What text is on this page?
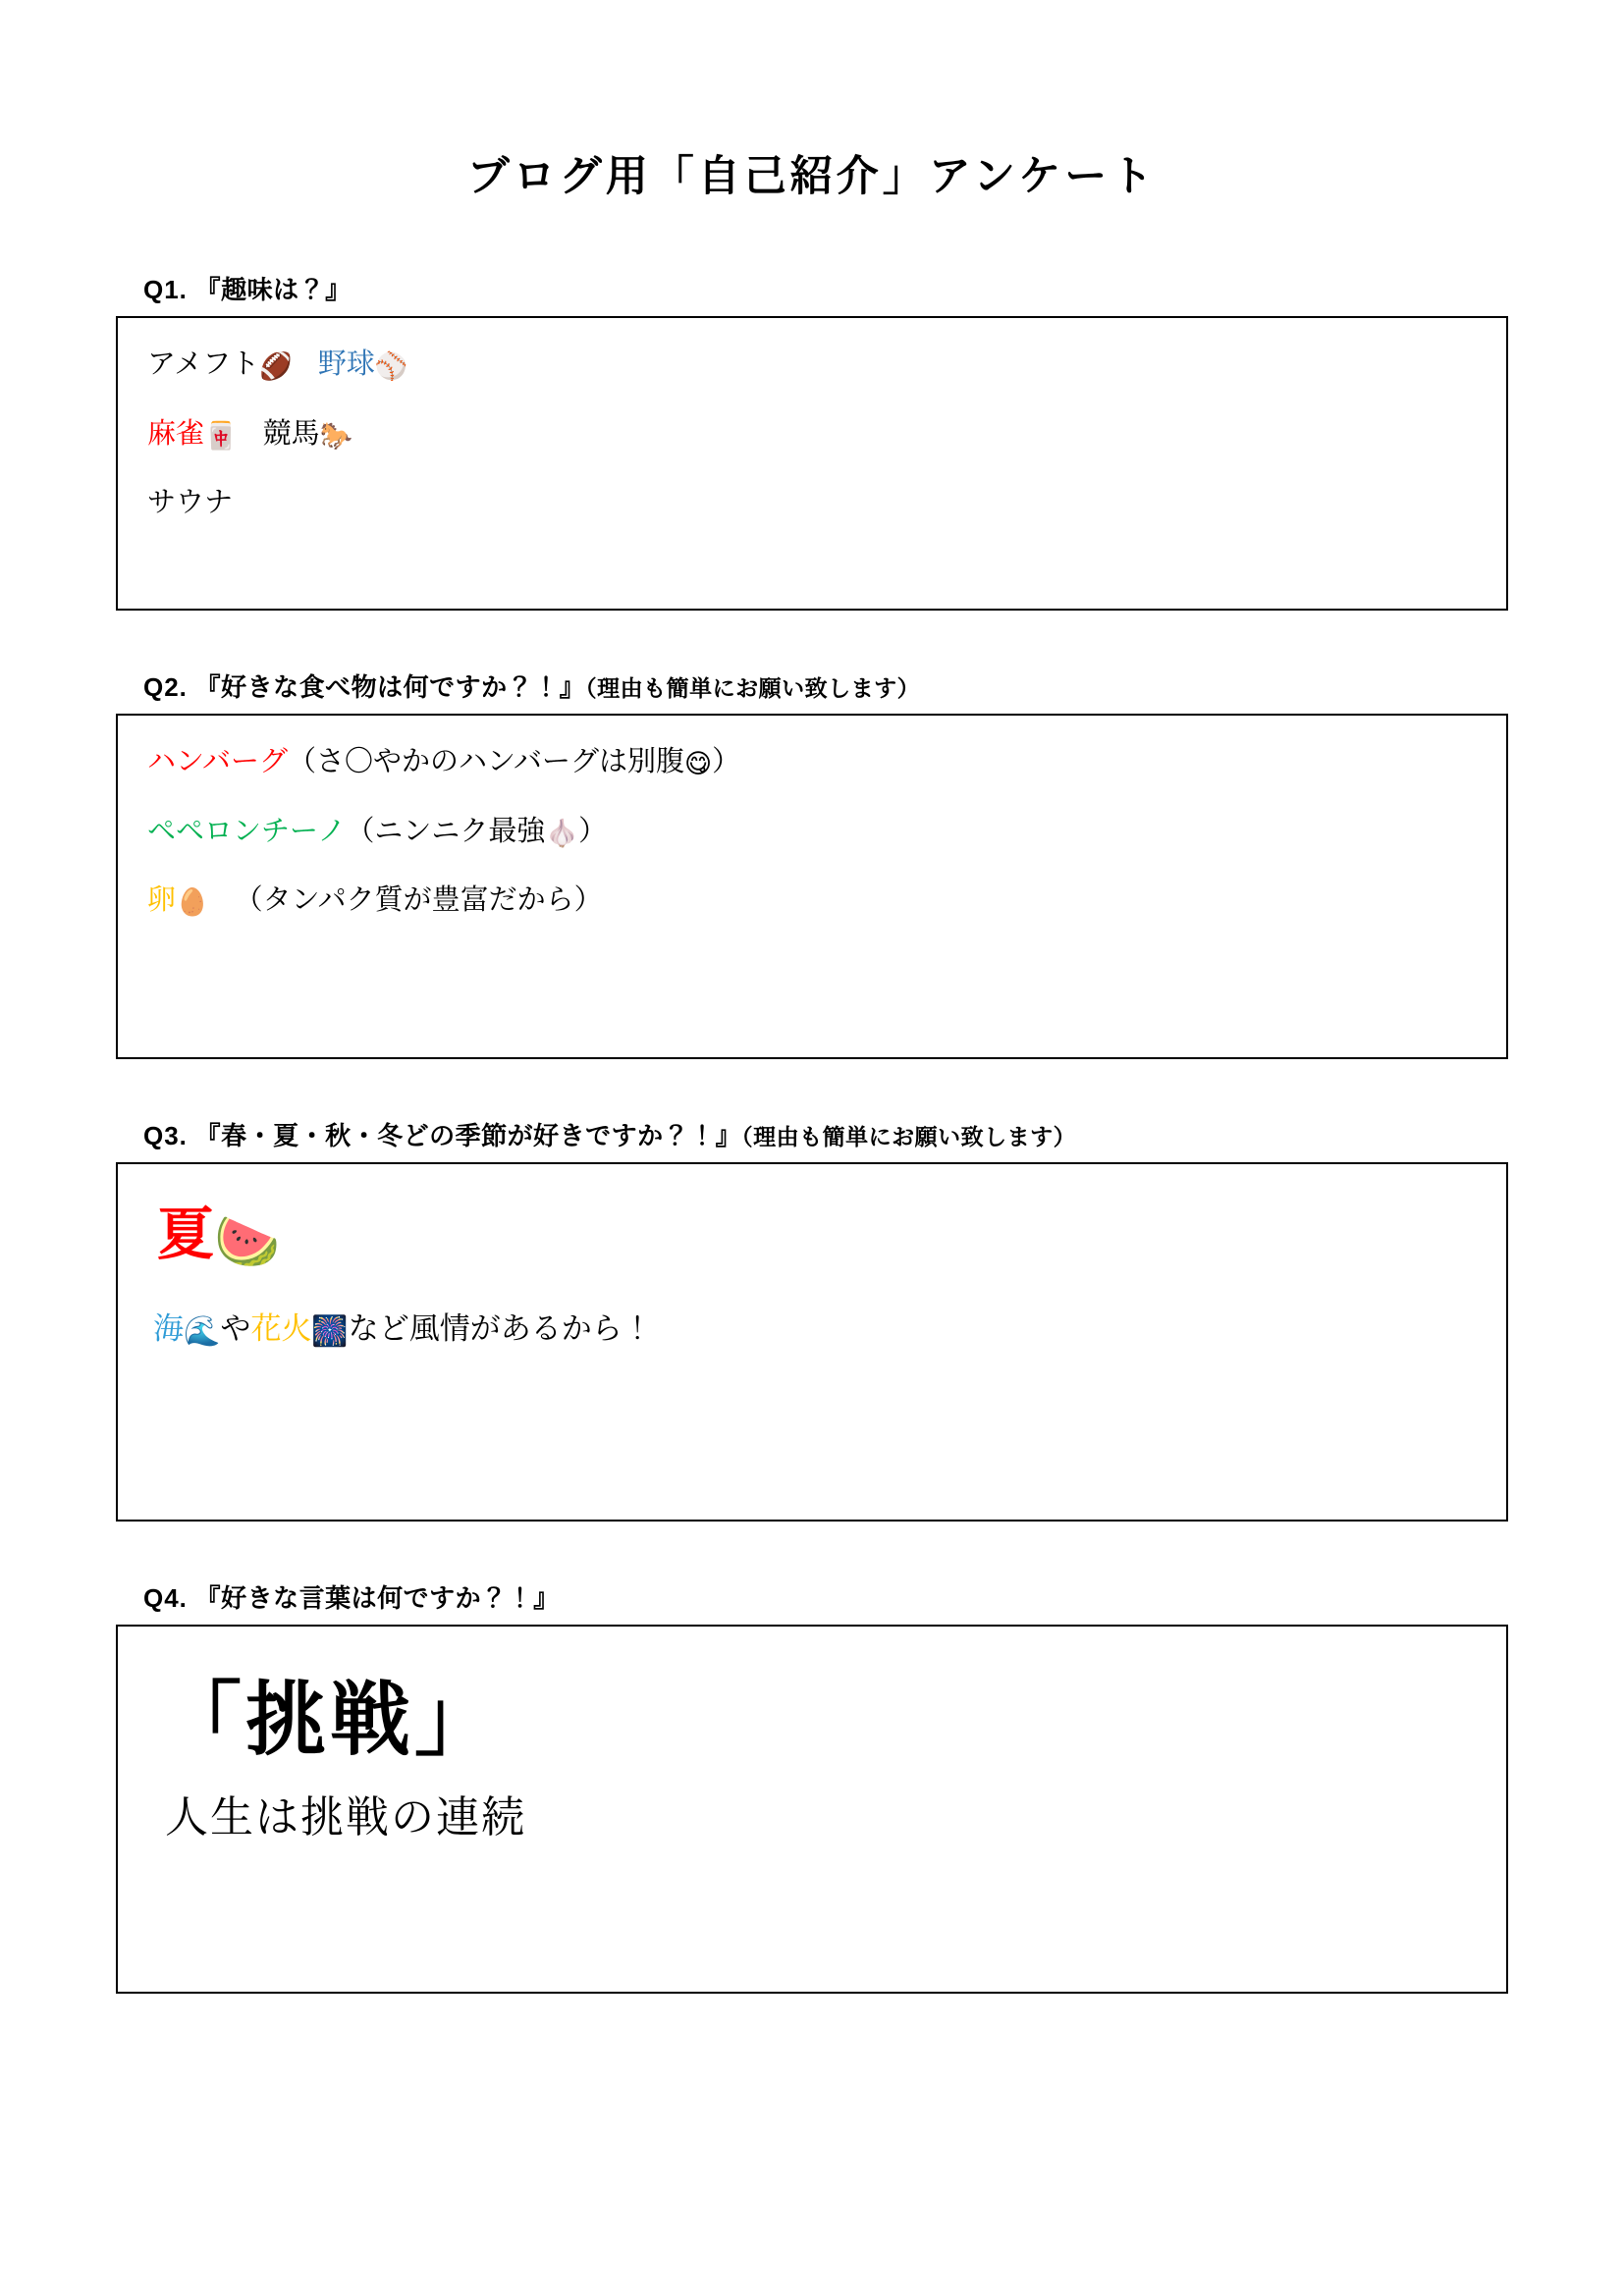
ブログ用「自己紹介」アンケート
Q1. 『趣味は？』
アメフト🏈 野球⚾
麻雀🀄 競馬🐎
サウナ
Q2. 『好きな食べ物は何ですか？！』（理由も簡単にお願い致します）
ハンバーグ（さ〇やかのハンバーグは別腹😋）
ペペロンチーノ（ニンニク最強🧄）
卵🥚 （タンパク質が豊富だから）
Q3. 『春・夏・秋・冬どの季節が好きですか？！』（理由も簡単にお願い致します）
夏🍉
海🌊や花火🎆など風情があるから！
Q4. 『好きな言葉は何ですか？！』
「挑戦」
人生は挑戦の連続
